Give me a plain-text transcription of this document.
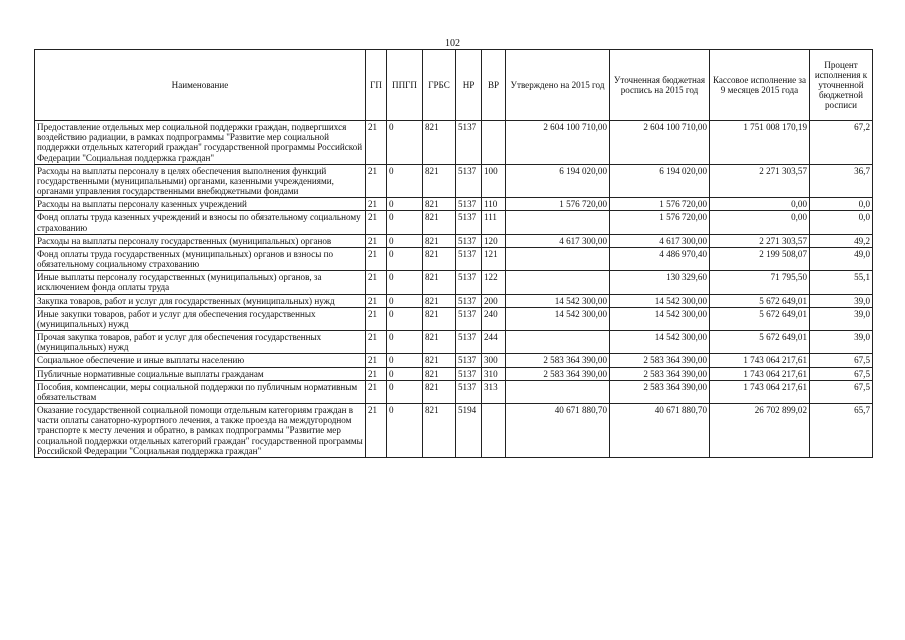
102
Наименование	ГП	ППГП	ГРБС	НР	ВР	Утверждено на 2015 год	Уточненная бюджетная роспись на 2015 год	Кассовое исполнение за 9 месяцев 2015 года	Процент исполнения к уточненной бюджетной росписи
Предоставление отдельных мер социальной поддержки граждан, подвергшихся воздействию радиации, в рамках подпрограммы "Развитие мер социальной поддержки отдельных категорий граждан" государственной программы Российской Федерации "Социальная поддержка граждан"	21	0	821	5137		2 604 100 710,00	2 604 100 710,00	1 751 008 170,19	67,2
Расходы на выплаты персоналу в целях обеспечения выполнения функций государственными (муниципальными) органами, казенными учреждениями, органами управления государственными внебюджетными фондами	21	0	821	5137	100	6 194 020,00	6 194 020,00	2 271 303,57	36,7
Расходы на выплаты персоналу казенных учреждений	21	0	821	5137	110	1 576 720,00	1 576 720,00	0,00	0,0
Фонд оплаты труда казенных учреждений и взносы по обязательному социальному страхованию	21	0	821	5137	111		1 576 720,00	0,00	0,0
Расходы на выплаты персоналу государственных (муниципальных) органов	21	0	821	5137	120	4 617 300,00	4 617 300,00	2 271 303,57	49,2
Фонд оплаты труда государственных (муниципальных) органов и взносы по обязательному социальному страхованию	21	0	821	5137	121		4 486 970,40	2 199 508,07	49,0
Иные выплаты персоналу государственных (муниципальных) органов, за исключением фонда оплаты труда	21	0	821	5137	122		130 329,60	71 795,50	55,1
Закупка товаров, работ и услуг для государственных (муниципальных) нужд	21	0	821	5137	200	14 542 300,00	14 542 300,00	5 672 649,01	39,0
Иные закупки товаров, работ и услуг для обеспечения государственных (муниципальных) нужд	21	0	821	5137	240	14 542 300,00	14 542 300,00	5 672 649,01	39,0
Прочая закупка товаров, работ и услуг для обеспечения государственных (муниципальных) нужд	21	0	821	5137	244		14 542 300,00	5 672 649,01	39,0
Социальное обеспечение и иные выплаты населению	21	0	821	5137	300	2 583 364 390,00	2 583 364 390,00	1 743 064 217,61	67,5
Публичные нормативные социальные выплаты гражданам	21	0	821	5137	310	2 583 364 390,00	2 583 364 390,00	1 743 064 217,61	67,5
Пособия, компенсации, меры социальной поддержки по публичным нормативным обязательствам	21	0	821	5137	313		2 583 364 390,00	1 743 064 217,61	67,5
Оказание государственной социальной помощи отдельным категориям граждан в части оплаты санаторно-курортного лечения, а также проезда на междугородном транспорте к месту лечения и обратно, в рамках подпрограммы "Развитие мер социальной поддержки отдельных категорий граждан" государственной программы Российской Федерации "Социальная поддержка граждан"	21	0	821	5194		40 671 880,70	40 671 880,70	26 702 899,02	65,7
